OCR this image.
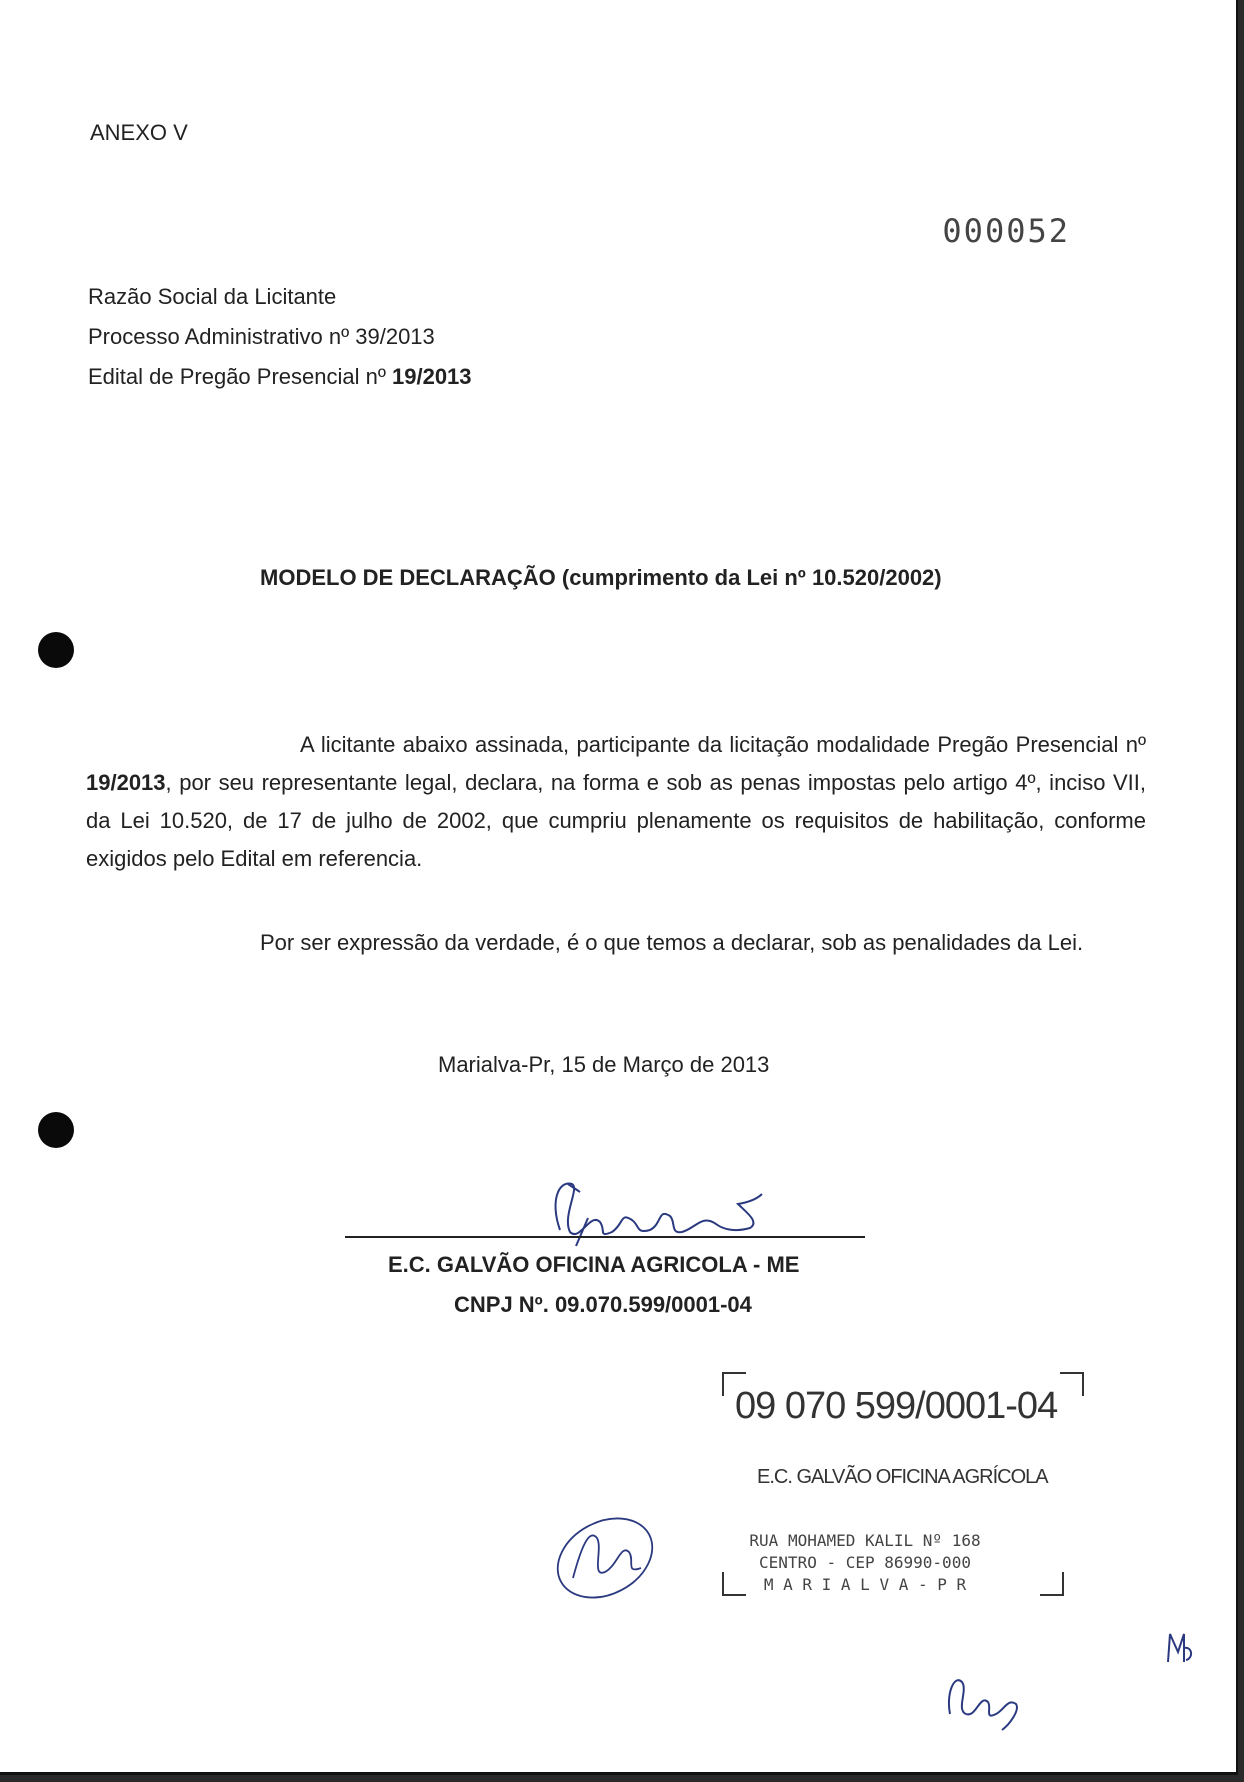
ANEXO V
000052
Razão Social da Licitante
Processo Administrativo nº 39/2013
Edital de Pregão Presencial nº 19/2013
MODELO DE DECLARAÇÃO (cumprimento da Lei nº 10.520/2002)
A licitante abaixo assinada, participante da licitação modalidade Pregão Presencial nº 19/2013, por seu representante legal, declara, na forma e sob as penas impostas pelo artigo 4º, inciso VII, da Lei 10.520, de 17 de julho de 2002, que cumpriu plenamente os requisitos de habilitação, conforme exigidos pelo Edital em referencia.
Por ser expressão da verdade, é o que temos a declarar, sob as penalidades da Lei.
Marialva-Pr, 15 de Março de 2013
E.C. GALVÃO OFICINA AGRICOLA - ME
CNPJ Nº. 09.070.599/0001-04
09 070 599/0001-04
E.C. GALVÃO OFICINA AGRÍCOLA
RUA MOHAMED KALIL Nº 168
CENTRO - CEP 86990-000
M A R I A L V A - P R
